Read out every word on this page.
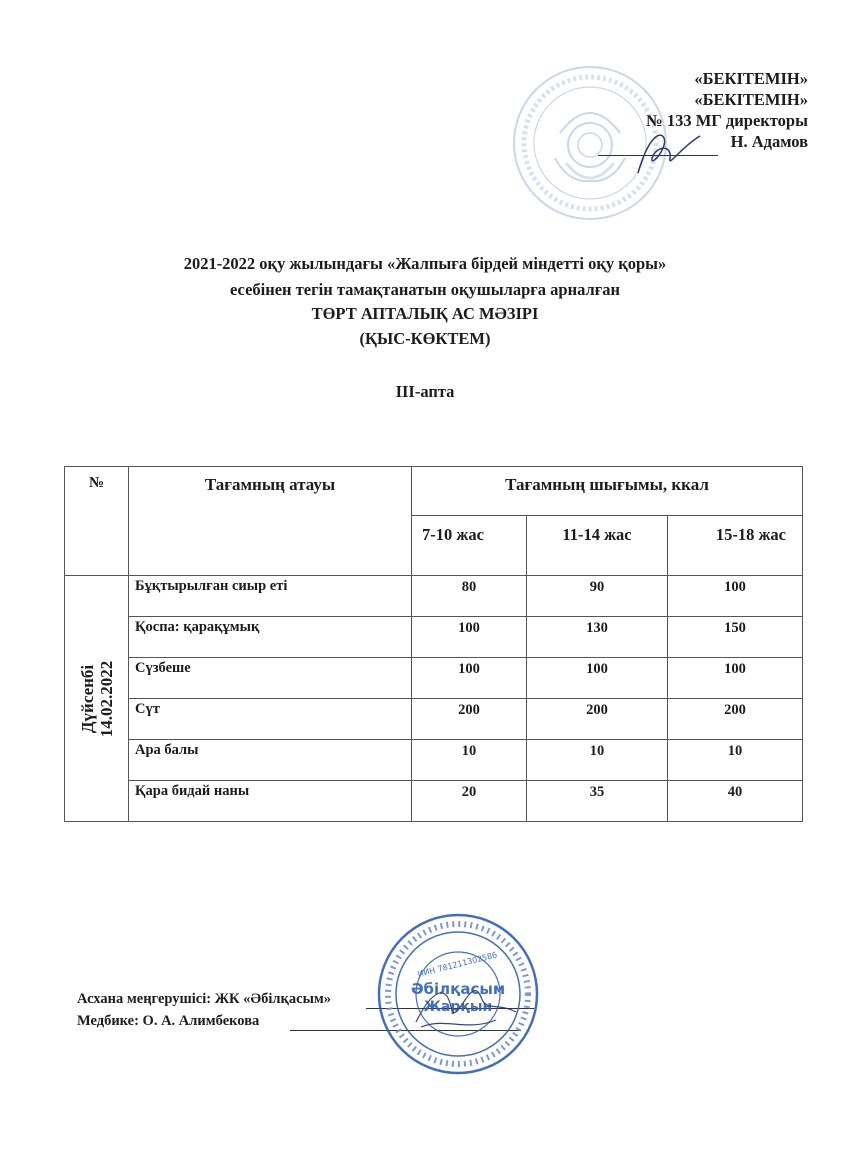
«БЕКІТЕМІН»
«БЕКІТЕМІН»
№ 133 МГ директоры
Н. Адамов
2021-2022 оқу жылындағы «Жалпыға бірдей міндетті оқу қоры»
есебінен тегін тамақтанатын оқушыларға арналған
ТӨРТ АПТАЛЫҚ АС МӘЗІРІ
(ҚЫС-КӨКТЕМ)
ІІІ-апта
№	Тағамның атауы	Тағамның шығымы, ккал		
		7-10 жас	11-14 жас	15-18 жас

Дүйсенбі 14.02.2022	Бұқтырылған сиыр еті	80	90	100
	Қоспа: қарақұмық	100	130	150
	Сүзбеше	100	100	100
	Сүт	200	200	200
	Ара балы	10	10	10
	Қара бидай наны	20	35	40
Асхана меңгерушісі: ЖК «Әбілқасым»
Медбике: О. А. Алимбекова
ИИН 781211302586
Әбілқасым
Жарқын
